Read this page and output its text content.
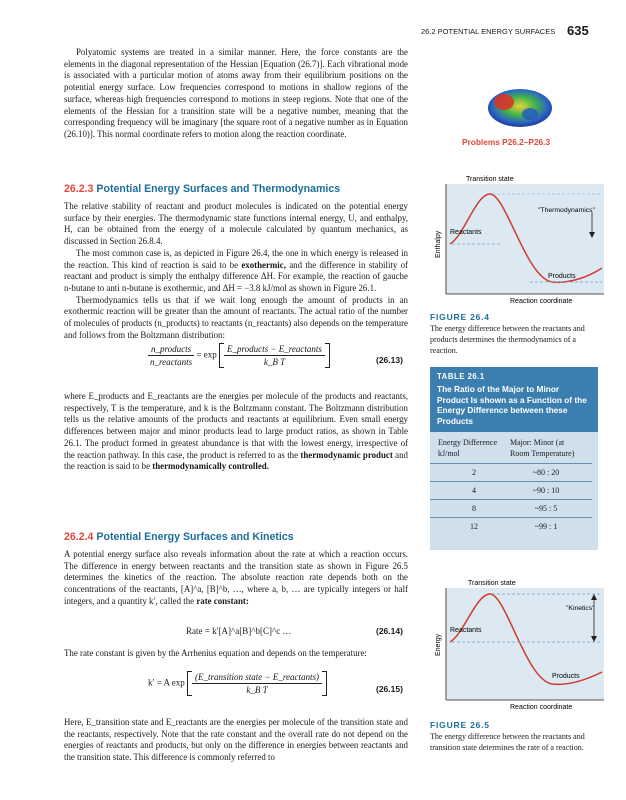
26.2 POTENTIAL ENERGY SURFACES 635

Polyatomic systems are treated in a similar manner. Here, the force constants are the elements in the diagonal representation of the Hessian [Equation (26.7)]. Each vibrational mode is associated with a particular motion of atoms away from their equilibrium positions on the potential energy surface. Low frequencies correspond to motions in shallow regions of the surface, whereas high frequencies correspond to motions in steep regions. Note that one of the elements of the Hessian for a transition state will be a negative number, meaning that the corresponding frequency will be imaginary [the square root of a negative number as in Equation (26.10)]. This normal coordinate refers to motion along the reaction coordinate.

Problems P26.2–P26.3
26.2.3 Potential Energy Surfaces and Thermodynamics

The relative stability of reactant and product molecules is indicated on the potential energy surface by their energies. The thermodynamic state functions internal energy, U, and enthalpy, H, can be obtained from the energy of a molecule calculated by quantum mechanics, as discussed in Section 26.8.4.

The most common case is, as depicted in Figure 26.4, the one in which energy is released in the reaction. This kind of reaction is said to be exothermic, and the difference in stability of reactant and product is simply the enthalpy difference ΔH. For example, the reaction of gauche n-butane to anti n-butane is exothermic, and ΔH = −3.8 kJ/mol as shown in Figure 26.1.

Thermodynamics tells us that if we wait long enough the amount of products in an exothermic reaction will be greater than the amount of reactants. The actual ratio of the number of molecules of products (n_products) to reactants (n_reactants) also depends on the temperature and follows from the Boltzmann distribution:

$\frac{\text{n\_products}}{\text{n\_reactants}} = \exp \frac{\text{E\_products − E\_reactants}}{\text{k\_B T}}$	(26.13)

where E_products and E_reactants are the energies per molecule of the products and reactants, respectively, T is the temperature, and k is the Boltzmann constant. The Boltzmann distribution tells us the relative amounts of the products and reactants at equilibrium. Even small energy differences between major and minor products lead to large product ratios, as shown in Table 26.1. The product formed in greatest abundance is that with the lowest energy, irrespective of the reaction pathway. In this case, the product is referred to as the thermodynamic product and the reaction is said to be thermodynamically controlled.

26.2.4 Potential Energy Surfaces and Kinetics

A potential energy surface also reveals information about the rate at which a reaction occurs. The difference in energy between reactants and the transition state as shown in Figure 26.5 determines the kinetics of the reaction. The absolute reaction rate depends both on the concentrations of the reactants, [A]^a, [B]^b, …, where a, b, … are typically integers or half integers, and a quantity k′, called the rate constant:

Rate = k′[A]^a[B]^b[C]^c …	(26.14)

The rate constant is given by the Arrhenius equation and depends on the temperature:

k′ = A $\exp \frac{\text{(E\_transition state − E\_reactants)}}{\text{k\_B T}}$	(26.15)

Here, E_transition state and E_reactants are the energies per molecule of the transition state and the reactants, respectively. Note that the rate constant and the overall rate do not depend on the energies of reactants and products, but only on the difference in energies between reactants and the transition state. This difference is commonly referred to

Transition state
"Thermodynamics"
Reactants
Products
Enthalpy
Reaction coordinate
FIGURE 26.4
The energy difference between the reactants and products determines the thermodynamics of a reaction.
TABLE 26.1
The Ratio of the Major to Minor Product Is shown as a Function of the Energy Difference between these Products
Energy Difference kJ/mol
Major: Minor (at Room Temperature)
2	~80 : 20
4	~90 : 10
8	~95 : 5
12	~99 : 1
Transition state
"Kinetics"
Reactants
Products
Energy
Reaction coordinate
FIGURE 26.5
The energy difference between the reactants and transition state determines the rate of a reaction.
